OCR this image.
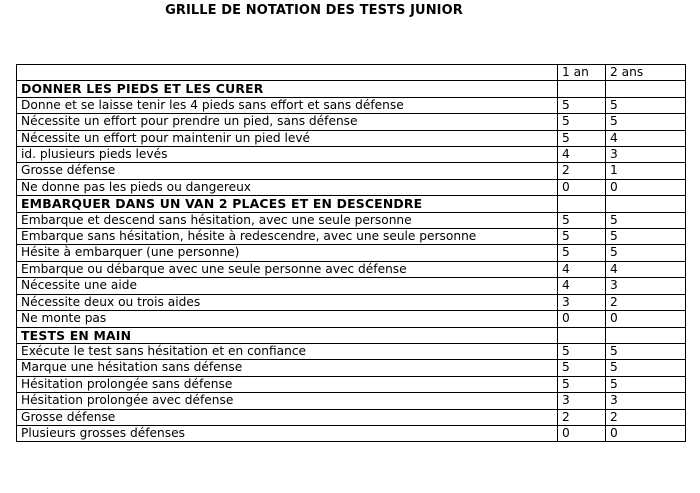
GRILLE DE NOTATION DES TESTS JUNIOR
	1 an	2 ans
DONNER LES PIEDS ET LES CURER		
Donne et se laisse tenir les 4 pieds sans effort et sans défense	5	5
Nécessite un effort pour prendre un pied, sans défense	5	5
Nécessite un effort pour maintenir un pied levé	5	4
id. plusieurs pieds levés	4	3
Grosse défense	2	1
Ne donne pas les pieds ou dangereux	0	0
EMBARQUER DANS UN VAN 2 PLACES ET EN DESCENDRE		
Embarque et descend sans hésitation, avec une seule personne	5	5
Embarque sans hésitation, hésite à redescendre, avec une seule personne	5	5
Hésite à embarquer (une personne)	5	5
Embarque ou débarque avec une seule personne avec défense	4	4
Nécessite une aide	4	3
Nécessite deux ou trois aides	3	2
Ne monte pas	0	0
TESTS EN MAIN		
Exécute le test sans hésitation et en confiance	5	5
Marque une hésitation sans défense	5	5
Hésitation prolongée sans défense	5	5
Hésitation prolongée avec défense	3	3
Grosse défense	2	2
Plusieurs grosses défenses	0	0
